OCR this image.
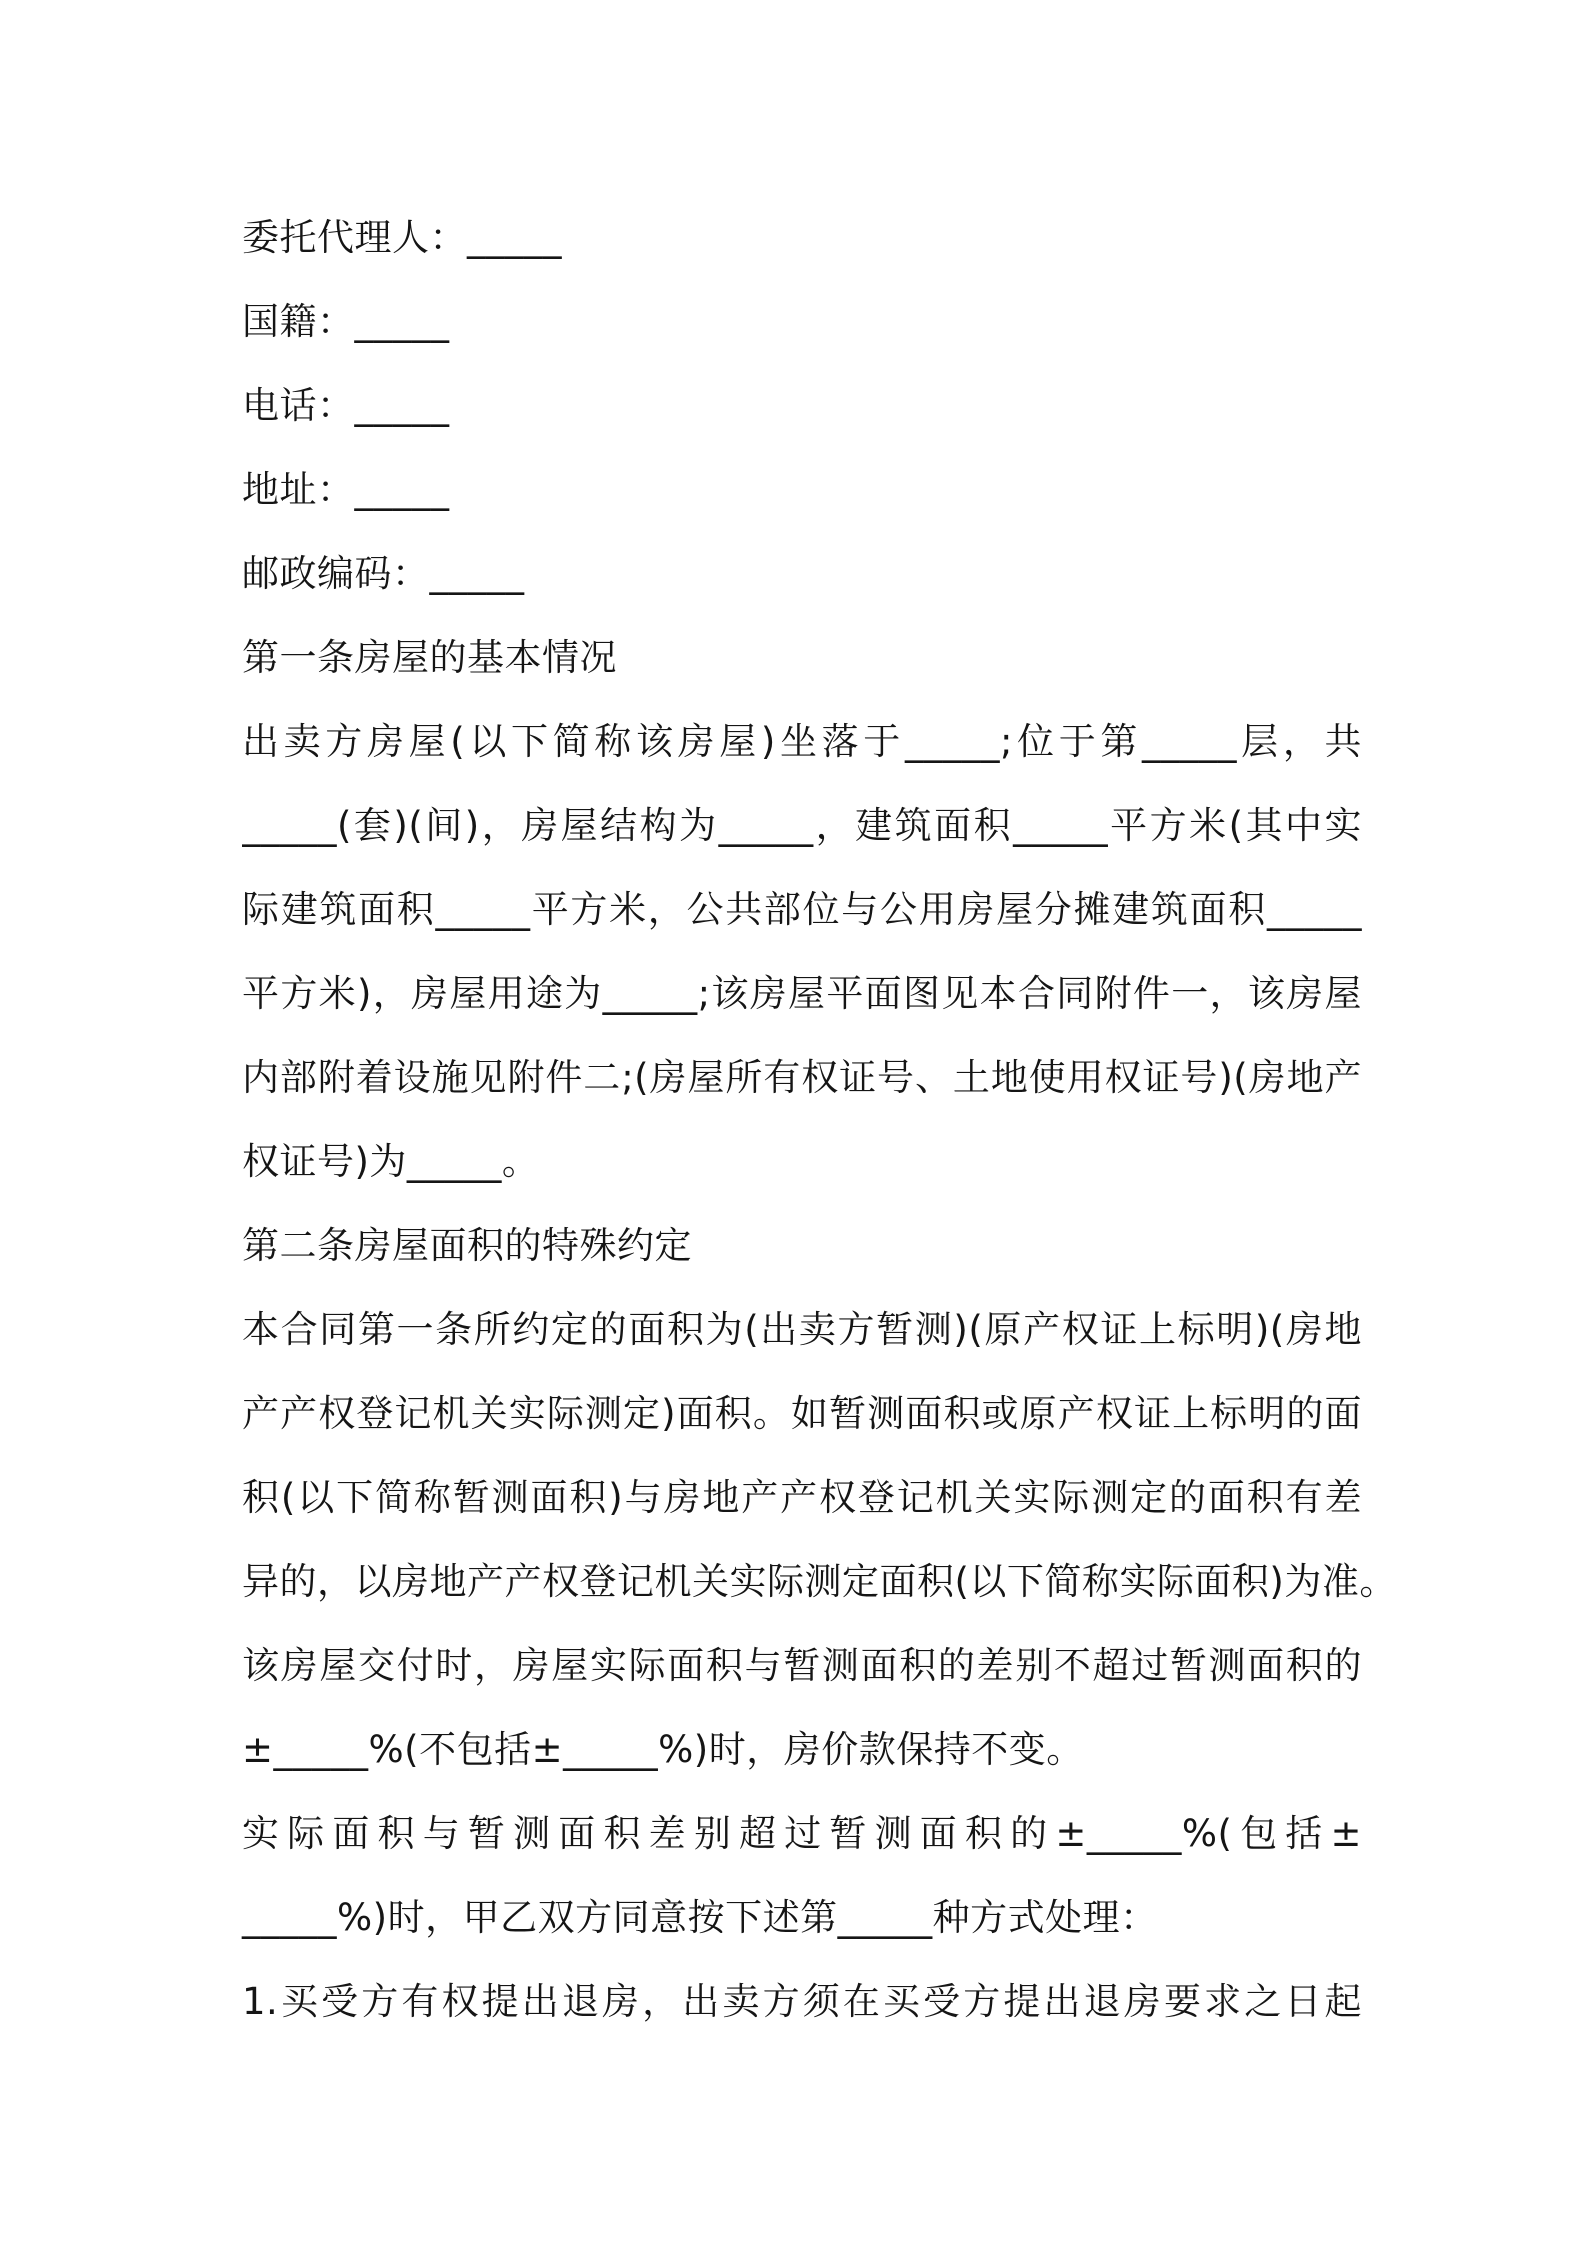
委托代理人：_____

国籍：_____

电话：_____

地址：_____

邮政编码：_____

第一条房屋的基本情况

出卖方房屋(以下简称该房屋)坐落于_____;位于第_____层，共

_____(套)(间)，房屋结构为_____，建筑面积_____平方米(其中实

际建筑面积_____平方米，公共部位与公用房屋分摊建筑面积_____

平方米)，房屋用途为_____;该房屋平面图见本合同附件一，该房屋

内部附着设施见附件二;(房屋所有权证号、土地使用权证号)(房地产

权证号)为_____。

第二条房屋面积的特殊约定

本合同第一条所约定的面积为(出卖方暂测)(原产权证上标明)(房地

产产权登记机关实际测定)面积。如暂测面积或原产权证上标明的面

积(以下简称暂测面积)与房地产产权登记机关实际测定的面积有差

异的，以房地产产权登记机关实际测定面积(以下简称实际面积)为准。

该房屋交付时，房屋实际面积与暂测面积的差别不超过暂测面积的

±_____%(不包括±_____%)时，房价款保持不变。

实际面积与暂测面积差别超过暂测面积的±_____%(包括±

_____%)时，甲乙双方同意按下述第_____种方式处理：

1.买受方有权提出退房，出卖方须在买受方提出退房要求之日起
